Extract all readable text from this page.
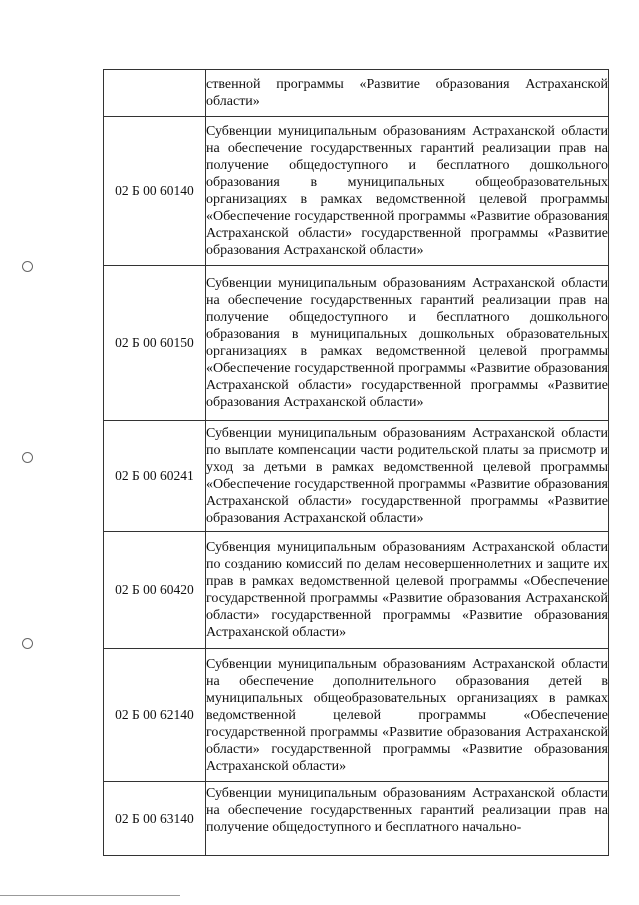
	ственной программы «Развитие образования Астраханской области»
02 Б 00 60140	Субвенции муниципальным образованиям Астраханской области на обеспечение государственных гарантий реализации прав на получение общедоступного и бесплатного дошкольного образования в муниципальных общеобразовательных организациях в рамках ведомственной целевой программы «Обеспечение государственной программы «Развитие образования Астраханской области» государственной программы «Развитие образования Астраханской области»
02 Б 00 60150	Субвенции муниципальным образованиям Астраханской области на обеспечение государственных гарантий реализации прав на получение общедоступного и бесплатного дошкольного образования в муниципальных дошкольных образовательных организациях в рамках ведомственной целевой программы «Обеспечение государственной программы «Развитие образования Астраханской области» государственной программы «Развитие образования Астраханской области»
02 Б 00 60241	Субвенции муниципальным образованиям Астраханской области по выплате компенсации части родительской платы за присмотр и уход за детьми в рамках ведомственной целевой программы «Обеспечение государственной программы «Развитие образования Астраханской области» государственной программы «Развитие образования Астраханской области»
02 Б 00 60420	Субвенция муниципальным образованиям Астраханской области по созданию комиссий по делам несовершеннолетних и защите их прав в рамках ведомственной целевой программы «Обеспечение государственной программы «Развитие образования Астраханской области» государственной программы «Развитие образования Астраханской области»
02 Б 00 62140	Субвенции муниципальным образованиям Астраханской области на обеспечение дополнительного образования детей в муниципальных общеобразовательных организациях в рамках ведомственной целевой программы «Обеспечение государственной программы «Развитие образования Астраханской области» государственной программы «Развитие образования Астраханской области»
02 Б 00 63140	Субвенции муниципальным образованиям Астраханской области на обеспечение государственных гарантий реализации прав на получение общедоступного и бесплатного начально-
